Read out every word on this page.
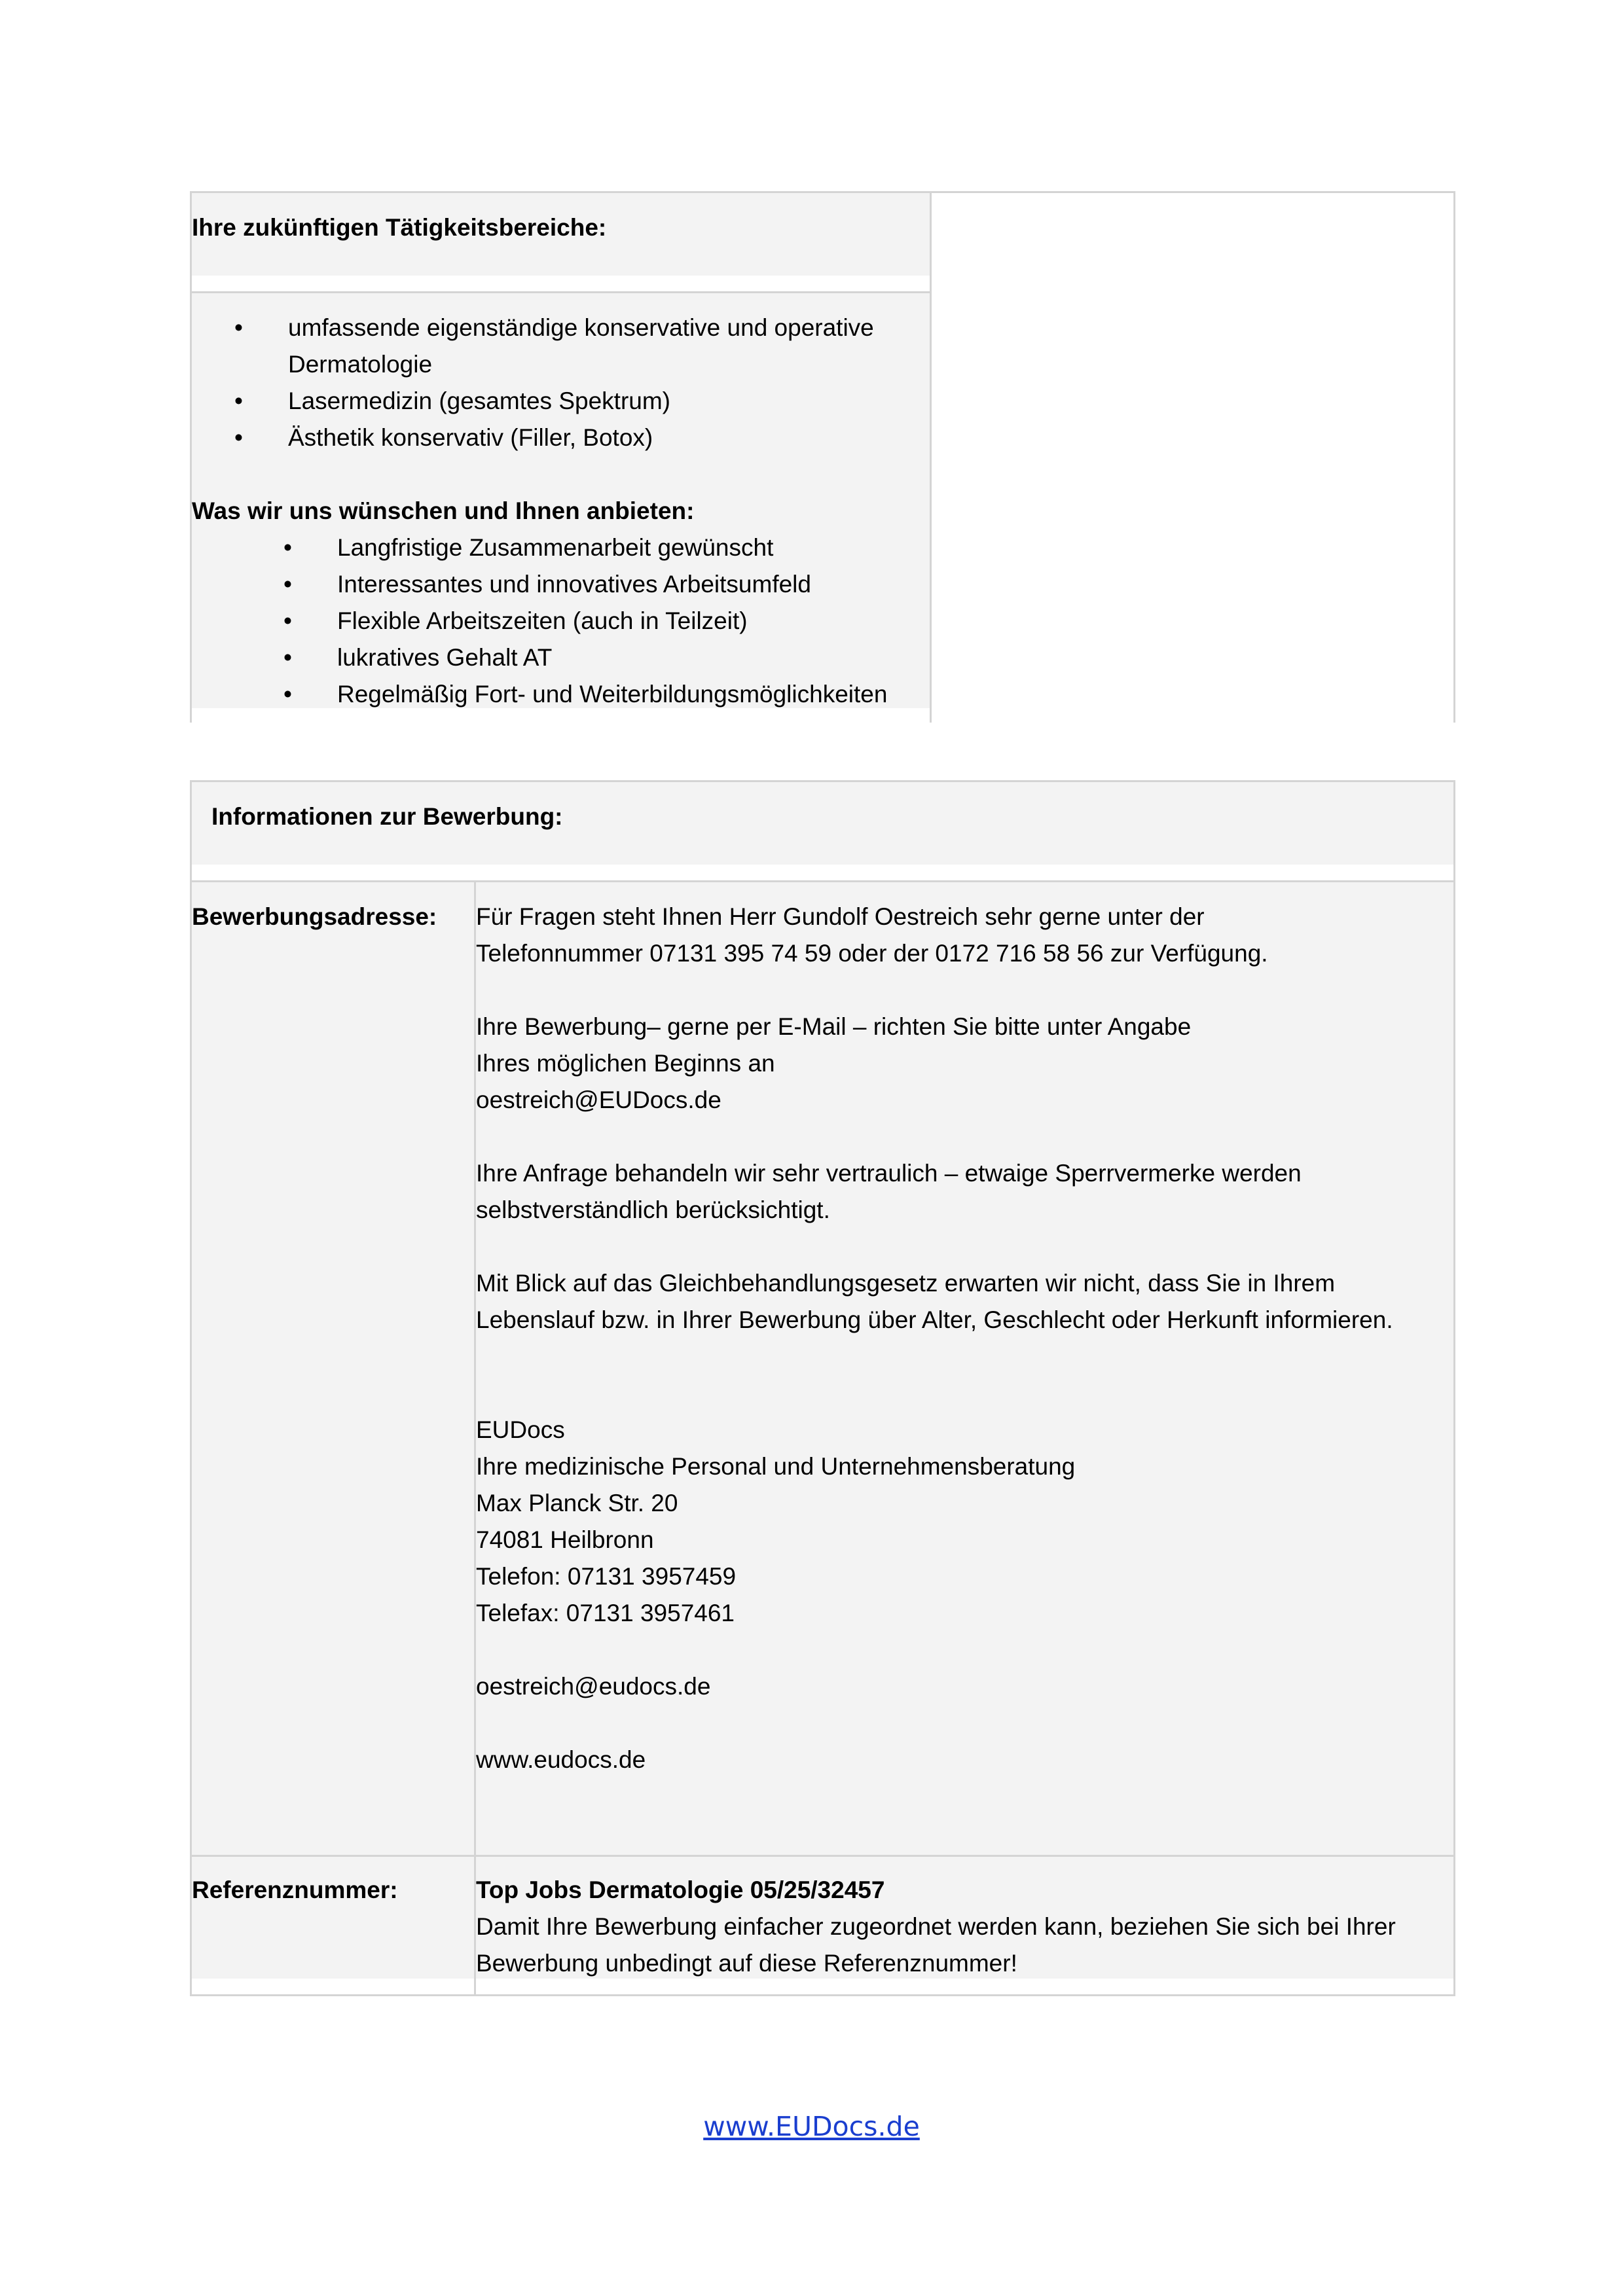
Ihre zukünftigen Tätigkeitsbereiche:
• umfassende eigenständige konservative und operative
Dermatologie
• Lasermedizin (gesamtes Spektrum)
• Ästhetik konservativ (Filler, Botox)
Was wir uns wünschen und Ihnen anbieten:
•	Langfristige Zusammenarbeit gewünscht
•	Interessantes und innovatives Arbeitsumfeld
•	Flexible Arbeitszeiten (auch in Teilzeit)
•	lukratives Gehalt AT
•	Regelmäßig Fort- und Weiterbildungsmöglichkeiten
Informationen zur Bewerbung:
Bewerbungsadresse: Für Fragen steht Ihnen Herr Gundolf Oestreich sehr gerne unter der
Telefonnummer 07131 395 74 59 oder der 0172 716 58 56 zur Verfügung.
Ihre Bewerbung– gerne per E-Mail – richten Sie bitte unter Angabe
Ihres möglichen Beginns an
oestreich@EUDocs.de
Ihre Anfrage behandeln wir sehr vertraulich – etwaige Sperrvermerke werden
selbstverständlich berücksichtigt.
Mit Blick auf das Gleichbehandlungsgesetz erwarten wir nicht, dass Sie in Ihrem
Lebenslauf bzw. in Ihrer Bewerbung über Alter, Geschlecht oder Herkunft informieren.
EUDocs
Ihre medizinische Personal und Unternehmensberatung
Max Planck Str. 20
74081 Heilbronn
Telefon: 07131 3957459
Telefax: 07131 3957461
oestreich@eudocs.de
www.eudocs.de
Referenznummer:	Top Jobs Dermatologie 05/25/32457
Damit Ihre Bewerbung einfacher zugeordnet werden kann, beziehen Sie sich bei Ihrer
Bewerbung unbedingt auf diese Referenznummer!
www.EUDocs.de
